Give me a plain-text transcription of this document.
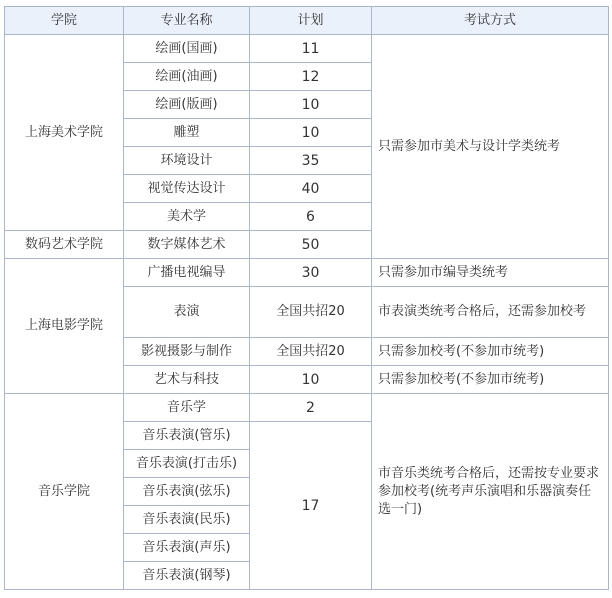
学院	专业名称	计划	考试方式
上海美术学院	绘画(国画)	11	只需参加市美术与设计学类统考
	绘画(油画)	12	
	绘画(版画)	10	
	雕塑	10	
	环境设计	35	
	视觉传达设计	40	
	美术学	6	
数码艺术学院	数字媒体艺术	50	
上海电影学院	广播电视编导	30	只需参加市编导类统考
	表演	全国共招20	市表演类统考合格后，还需参加校考
	影视摄影与制作	全国共招20	只需参加校考(不参加市统考)
	艺术与科技	10	只需参加校考(不参加市统考)
音乐学院	音乐学	2	市音乐类统考合格后，还需按专业要求参加校考(统考声乐演唱和乐器演奏任选一门)
	音乐表演(管乐)	17	
	音乐表演(打击乐)		
	音乐表演(弦乐)		
	音乐表演(民乐)		
	音乐表演(声乐)		
	音乐表演(钢琴)		
